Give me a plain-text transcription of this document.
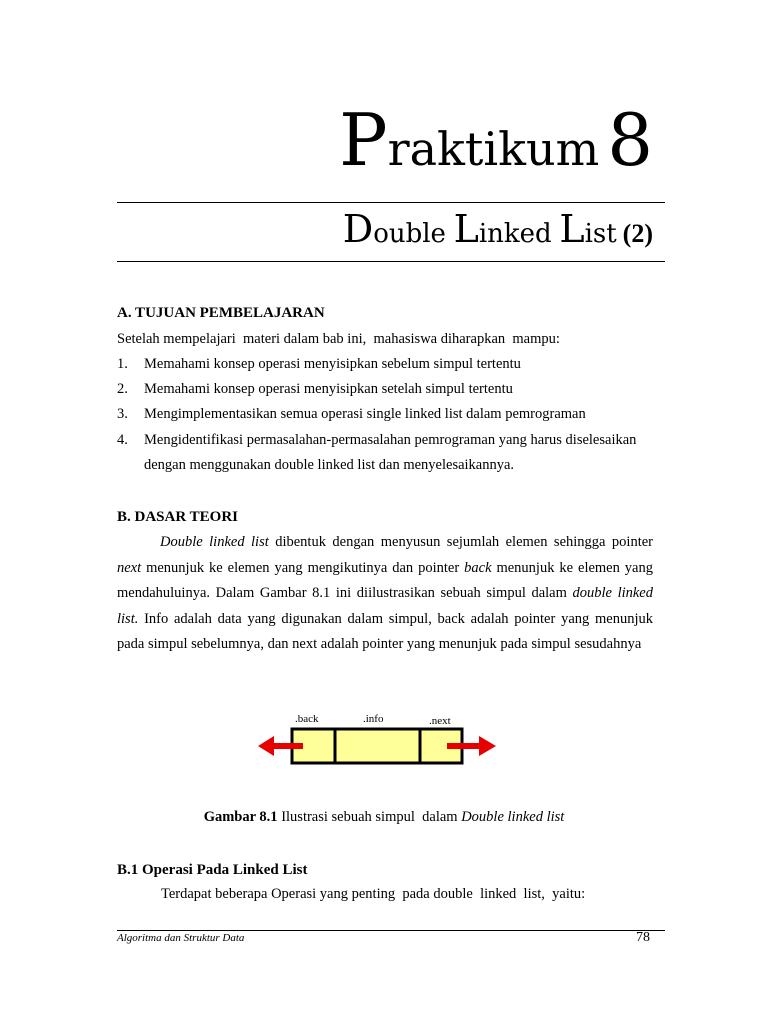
Praktikum 8
Double Linked List (2)
A. TUJUAN PEMBELAJARAN
Setelah mempelajari  materi dalam bab ini,  mahasiswa diharapkan  mampu:
1. Memahami konsep operasi menyisipkan sebelum simpul tertentu
2. Memahami konsep operasi menyisipkan setelah simpul tertentu
3. Mengimplementasikan semua operasi single linked list dalam pemrograman
4. Mengidentifikasi permasalahan-permasalahan pemrograman yang harus diselesaikan dengan menggunakan double linked list dan menyelesaikannya.
B. DASAR TEORI

Double linked list dibentuk dengan menyusun sejumlah elemen sehingga pointer next menunjuk ke elemen yang mengikutinya dan pointer back menunjuk ke elemen yang mendahuluinya. Dalam Gambar 8.1 ini diilustrasikan sebuah simpul dalam double linked list. Info adalah data yang digunakan dalam simpul, back adalah pointer yang menunjuk pada simpul sebelumnya, dan next adalah pointer yang menunjuk pada simpul sesudahnya

.back	.info	.next

Gambar 8.1 Ilustrasi sebuah simpul  dalam Double linked list

B.1 Operasi Pada Linked List
Terdapat beberapa Operasi yang penting  pada double  linked  list,  yaitu:
Algoritma dan Struktur Data	78
